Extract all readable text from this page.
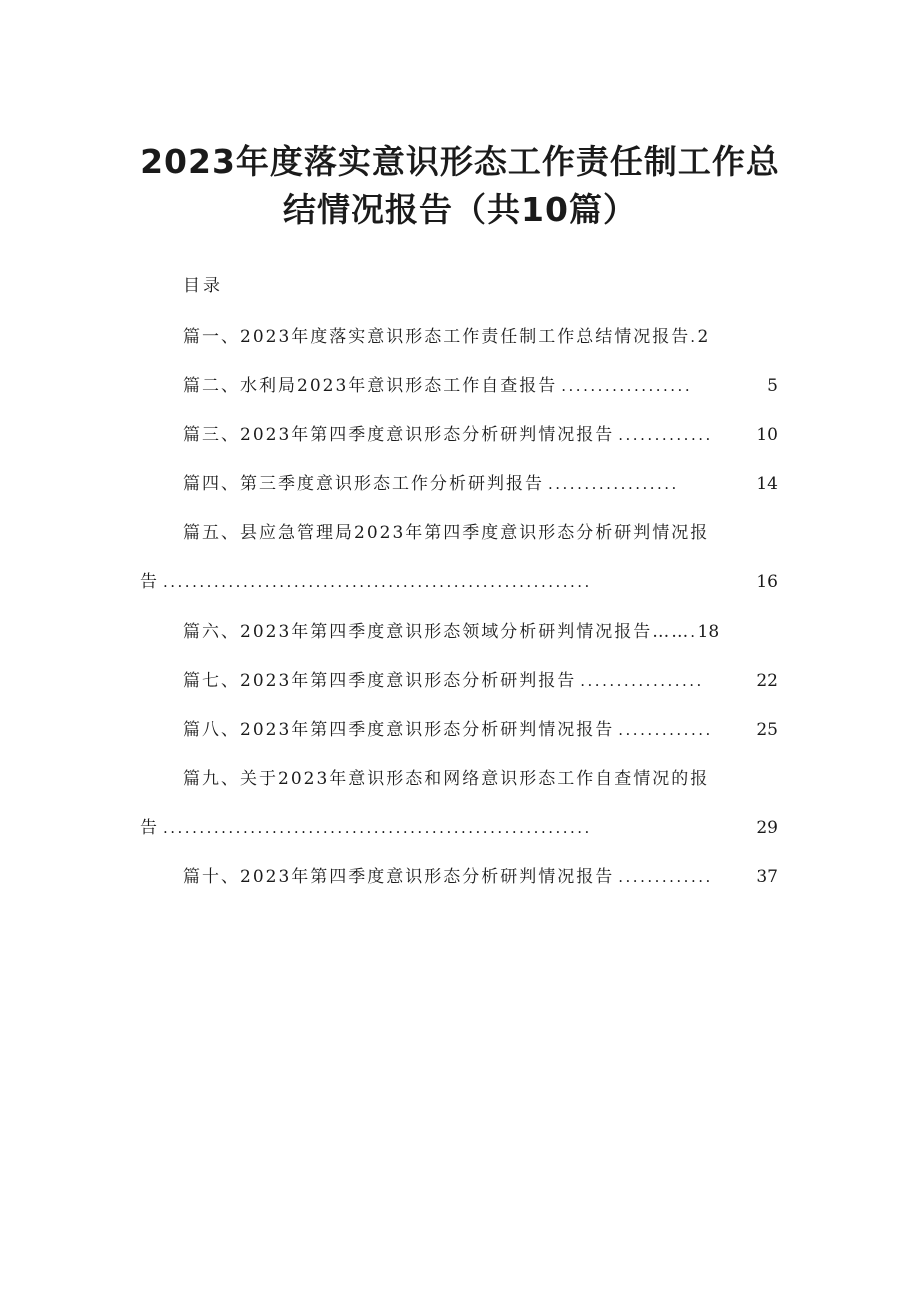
2023年度落实意识形态工作责任制工作总
结情况报告（共10篇）
目录
篇一、2023年度落实意识形态工作责任制工作总结情况报告 . 2
篇二、水利局2023年意识形态工作自查报告 ..................	5
篇三、2023年第四季度意识形态分析研判情况报告 .............	10
篇四、第三季度意识形态工作分析研判报告 ..................	14
篇五、县应急管理局2023年第四季度意识形态分析研判情况报
告 ...........................................................	16
篇六、2023年第四季度意识形态领域分析研判情况报告…… . 18
篇七、2023年第四季度意识形态分析研判报告 .................	22
篇八、2023年第四季度意识形态分析研判情况报告 .............	25
篇九、关于2023年意识形态和网络意识形态工作自查情况的报
告 ...........................................................	29
篇十、2023年第四季度意识形态分析研判情况报告 .............	37
